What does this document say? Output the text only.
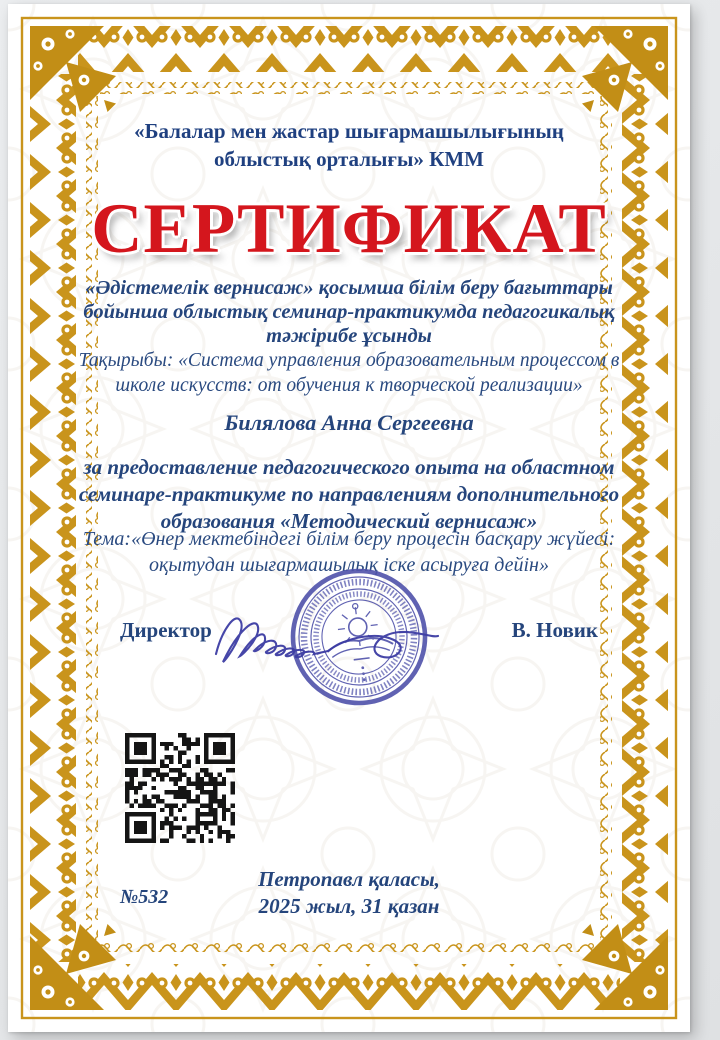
«Балалар мен жастар шығармашылығының
облыстық орталығы» КММ
СЕРТИФИКАТ
«Әдістемелік вернисаж» қосымша білім беру бағыттары бойынша облыстық семинар-практикумда педагогикалық тәжірибе ұсынды
Тақырыбы: «Система управления образовательным процессом в школе искусств: от обучения к творческой реализации»
Билялова Анна Сергеевна
за предоставление педагогического опыта на областном семинаре-практикуме по направлениям дополнительного образования «Методический вернисаж»
Тема:«Өнер мектебіндегі білім беру процесін басқару жүйесі: оқытудан шығармашылық іске асыруға дейін»
Директор	В. Новик
№532
Петропавл қаласы,
2025 жыл, 31 қазан
